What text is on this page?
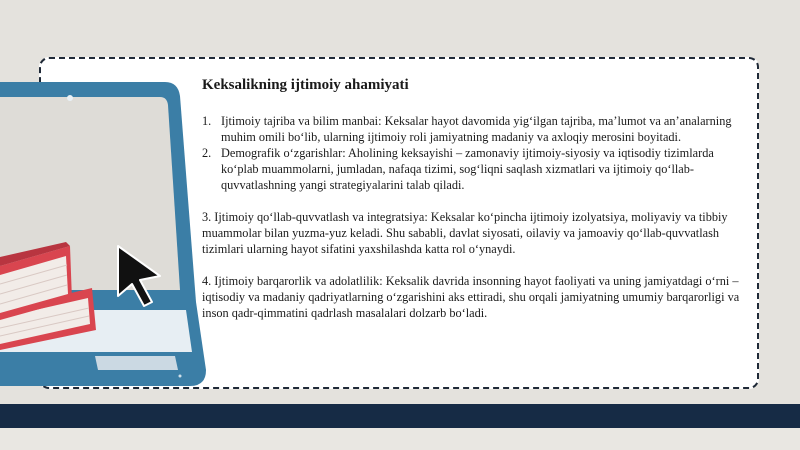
Keksalikning ijtimoiy ahamiyati
1. Ijtimoiy tajriba va bilim manbai: Keksalar hayot davomida yig‘ilgan tajriba, ma’lumot va an’analarning muhim omili bo‘lib, ularning ijtimoiy roli jamiyatning madaniy va axloqiy merosini boyitadi.
2. Demografik o‘zgarishlar: Aholining keksayishi – zamonaviy ijtimoiy-siyosiy va iqtisodiy tizimlarda ko‘plab muammolarni, jumladan, nafaqa tizimi, sog‘liqni saqlash xizmatlari va ijtimoiy qo‘llab-quvvatlashning yangi strategiyalarini talab qiladi.

3. Ijtimoiy qo‘llab-quvvatlash va integratsiya: Keksalar ko‘pincha ijtimoiy izolyatsiya, moliyaviy va tibbiy muammolar bilan yuzma-yuz keladi. Shu sababli, davlat siyosati, oilaviy va jamoaviy qo‘llab-quvvatlash tizimlari ularning hayot sifatini yaxshilashda katta rol o‘ynaydi.

4. Ijtimoiy barqarorlik va adolatlilik: Keksalik davrida insonning hayot faoliyati va uning jamiyatdagi o‘rni – iqtisodiy va madaniy qadriyatlarning o‘zgarishini aks ettiradi, shu orqali jamiyatning umumiy barqarorligi va inson qadr-qimmatini qadrlash masalalari dolzarb bo‘ladi.
